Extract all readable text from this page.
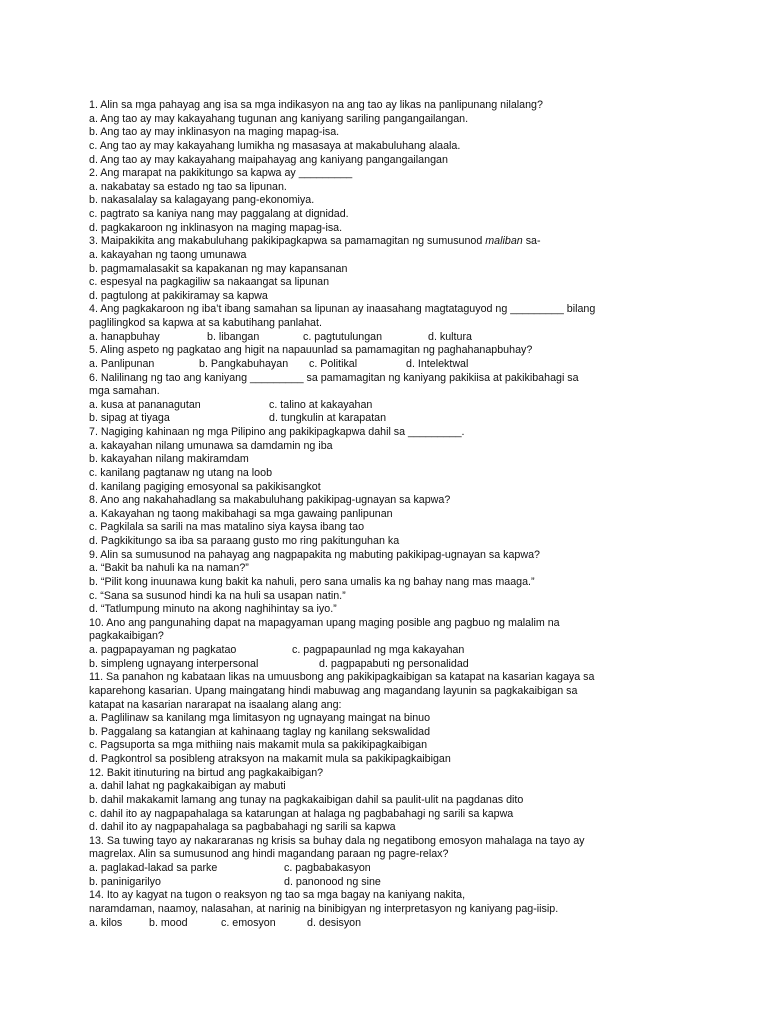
1. Alin sa mga pahayag ang isa sa mga indikasyon na ang tao ay likas na panlipunang nilalang?

a. Ang tao ay may kakayahang tugunan ang kaniyang sariling pangangailangan.

b. Ang tao ay may inklinasyon na maging mapag-isa.

c. Ang tao ay may kakayahang lumikha ng masasaya at makabuluhang alaala.

d. Ang tao ay may kakayahang maipahayag ang kaniyang pangangailangan

2. Ang marapat na pakikitungo sa kapwa ay _________

a. nakabatay sa estado ng tao sa lipunan.

b. nakasalalay sa kalagayang pang-ekonomiya.

c. pagtrato sa kaniya nang may paggalang at dignidad.

d. pagkakaroon ng inklinasyon na maging mapag-isa.

3. Maipakikita ang makabuluhang pakikipagkapwa sa pamamagitan ng sumusunod maliban sa-

a. kakayahan ng taong umunawa

b. pagmamalasakit sa kapakanan ng may kapansanan

c. espesyal na pagkagiliw sa nakaangat sa lipunan

d. pagtulong at pakikiramay sa kapwa

4. Ang pagkakaroon ng iba’t ibang samahan sa lipunan ay inaasahang magtataguyod ng _________ bilang

paglilingkod sa kapwa at sa kabutihang panlahat.

a. hanapbuhay	b. libangan	c. pagtutulungan	d. kultura

5. Aling aspeto ng pagkatao ang higit na napauunlad sa pamamagitan ng paghahanapbuhay?

a. Panlipunan	b. Pangkabuhayan c. Politikal	d. Intelektwal

6. Nalilinang ng tao ang kaniyang _________ sa pamamagitan ng kaniyang pakikiisa at pakikibahagi sa

mga samahan.

a. kusa at pananagutan	c. talino at kakayahan

b. sipag at tiyaga	d. tungkulin at karapatan

7. Nagiging kahinaan ng mga Pilipino ang pakikipagkapwa dahil sa _________.

a. kakayahan nilang umunawa sa damdamin ng iba

b. kakayahan nilang makiramdam

c. kanilang pagtanaw ng utang na loob

d. kanilang pagiging emosyonal sa pakikisangkot

8. Ano ang nakahahadlang sa makabuluhang pakikipag-ugnayan sa kapwa?

a. Kakayahan ng taong makibahagi sa mga gawaing panlipunan

c. Pagkilala sa sarili na mas matalino siya kaysa ibang tao

d. Pagkikitungo sa iba sa paraang gusto mo ring pakitunguhan ka

9. Alin sa sumusunod na pahayag ang nagpapakita ng mabuting pakikipag-ugnayan sa kapwa?

a. “Bakit ba nahuli ka na naman?”

b. “Pilit kong inuunawa kung bakit ka nahuli, pero sana umalis ka ng bahay nang mas maaga.”

c. “Sana sa susunod hindi ka na huli sa usapan natin.”

d. “Tatlumpung minuto na akong naghihintay sa iyo.”

10. Ano ang pangunahing dapat na mapagyaman upang maging posible ang pagbuo ng malalim na

pagkakaibigan?

a. pagpapayaman ng pagkatao	c. pagpapaunlad ng mga kakayahan

b. simpleng ugnayang interpersonal	d. pagpapabuti ng personalidad

11. Sa panahon ng kabataan likas na umuusbong ang pakikipagkaibigan sa katapat na kasarian kagaya sa

kaparehong kasarian. Upang maingatang hindi mabuwag ang magandang layunin sa pagkakaibigan sa

katapat na kasarian nararapat na isaalang alang ang:

a. Paglilinaw sa kanilang mga limitasyon ng ugnayang maingat na binuo

b. Paggalang sa katangian at kahinaang taglay ng kanilang sekswalidad

c. Pagsuporta sa mga mithiing nais makamit mula sa pakikipagkaibigan

d. Pagkontrol sa posibleng atraksyon na makamit mula sa pakikipagkaibigan

12. Bakit itinuturing na birtud ang pagkakaibigan?

a. dahil lahat ng pagkakaibigan ay mabuti

b. dahil makakamit lamang ang tunay na pagkakaibigan dahil sa paulit-ulit na pagdanas dito

c. dahil ito ay nagpapahalaga sa katarungan at halaga ng pagbabahagi ng sarili sa kapwa

d. dahil ito ay nagpapahalaga sa pagbabahagi ng sarili sa kapwa

13. Sa tuwing tayo ay nakararanas ng krisis sa buhay dala ng negatibong emosyon mahalaga na tayo ay

magrelax. Alin sa sumusunod ang hindi magandang paraan ng pagre-relax?

a. paglakad-lakad sa parke	c. pagbabakasyon

b. paninigarilyo	d. panonood ng sine

14. Ito ay kagyat na tugon o reaksyon ng tao sa mga bagay na kaniyang nakita,

naramdaman, naamoy, nalasahan, at narinig na binibigyan ng interpretasyon ng kaniyang pag-iisip.

a. kilos b. mood	c. emosyon	d. desisyon
